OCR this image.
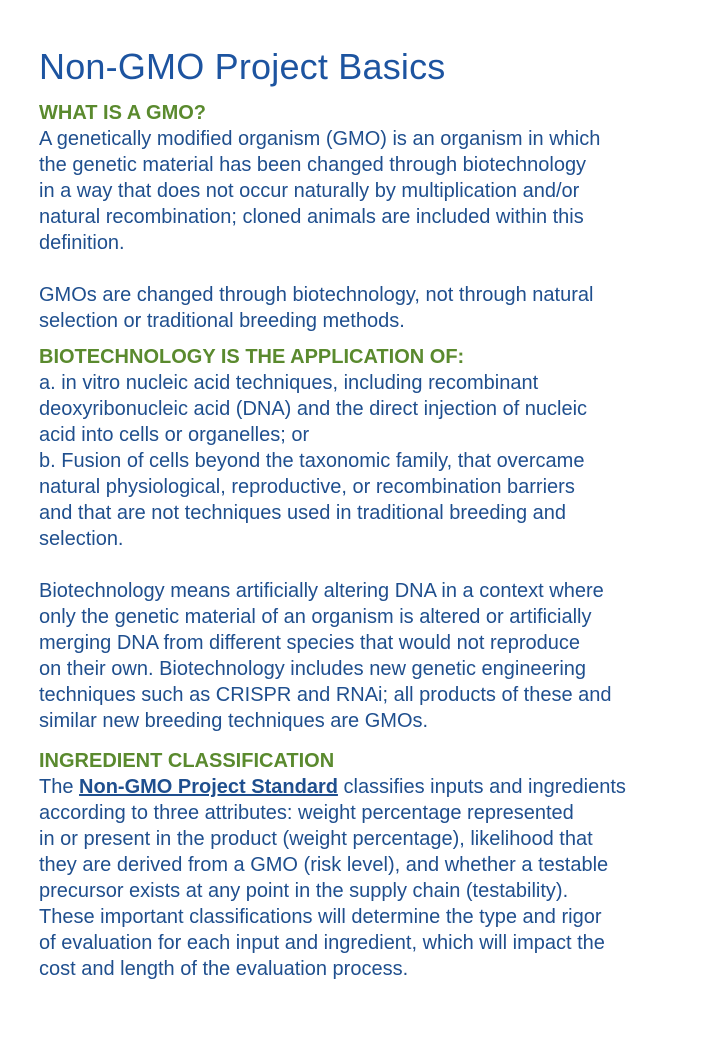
Non-GMO Project Basics
WHAT IS A GMO?

A genetically modified organism (GMO) is an organism in which
the genetic material has been changed through biotechnology
in a way that does not occur naturally by multiplication and/or
natural recombination; cloned animals are included within this
definition.

GMOs are changed through biotechnology, not through natural
selection or traditional breeding methods.

BIOTECHNOLOGY IS THE APPLICATION OF:

a. in vitro nucleic acid techniques, including recombinant
deoxyribonucleic acid (DNA) and the direct injection of nucleic
acid into cells or organelles; or
b. Fusion of cells beyond the taxonomic family, that overcame
natural physiological, reproductive, or recombination barriers
and that are not techniques used in traditional breeding and
selection.

Biotechnology means artificially altering DNA in a context where
only the genetic material of an organism is altered or artificially
merging DNA from different species that would not reproduce
on their own. Biotechnology includes new genetic engineering
techniques such as CRISPR and RNAi; all products of these and
similar new breeding techniques are GMOs.

INGREDIENT CLASSIFICATION

The Non-GMO Project Standard classifies inputs and ingredients
according to three attributes: weight percentage represented
in or present in the product (weight percentage), likelihood that
they are derived from a GMO (risk level), and whether a testable
precursor exists at any point in the supply chain (testability).
These important classifications will determine the type and rigor
of evaluation for each input and ingredient, which will impact the
cost and length of the evaluation process.
